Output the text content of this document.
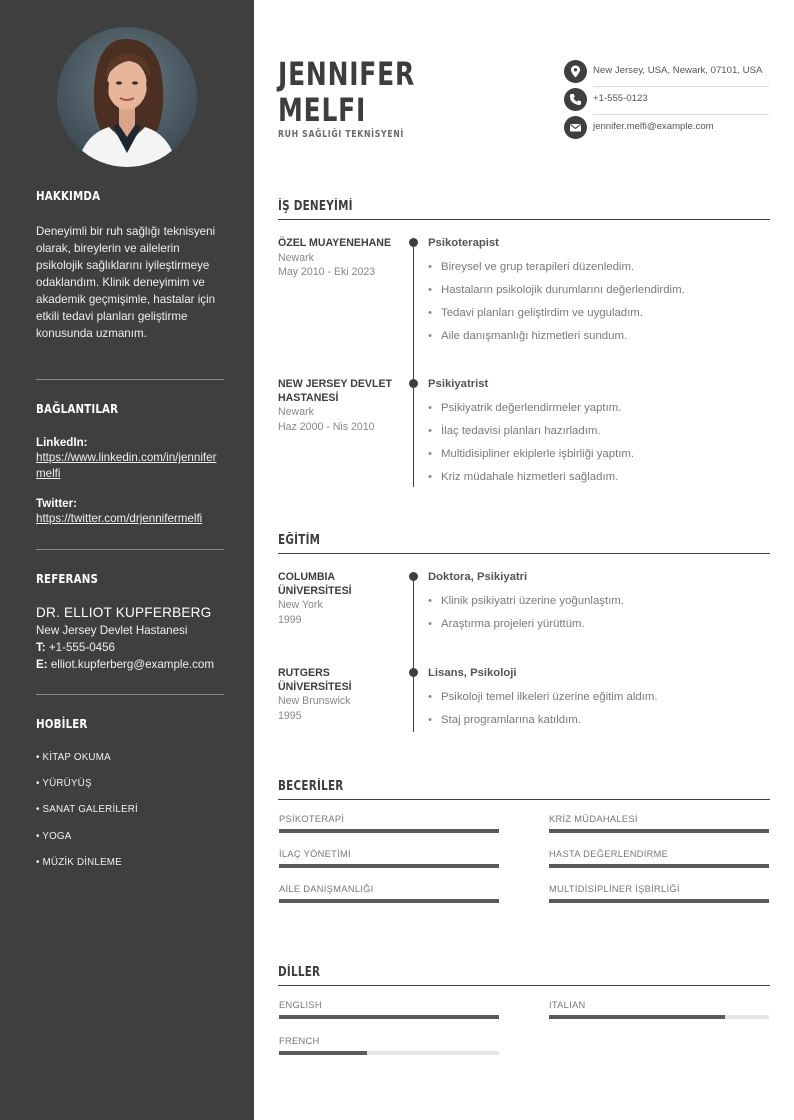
HAKKIMDA
Deneyimli bir ruh sağlığı teknisyeni olarak, bireylerin ve ailelerin psikolojik sağlıklarını iyileştirmeye odaklandım. Klinik deneyimim ve akademik geçmişimle, hastalar için etkili tedavi planları geliştirme konusunda uzmanım.
BAĞLANTILAR
LinkedIn:
https://www.linkedin.com/in/jennifermelfi
Twitter:
https://twitter.com/drjennifermelfi
REFERANS
DR. ELLIOT KUPFERBERG
New Jersey Devlet Hastanesi
T: +1-555-0456
E: elliot.kupferberg@example.com
HOBİLER
• KİTAP OKUMA
• YÜRÜYÜŞ
• SANAT GALERİLERİ
• YOGA
• MÜZİK DİNLEME
JENNIFER
MELFI
RUH SAĞLIĞI TEKNİSYENİ
New Jersey, USA, Newark, 07101, USA
+1-555-0123
jennifer.melfi@example.com
İŞ DENEYİMİ
ÖZEL MUAYENEHANE
Newark
May 2010 - Eki 2023
Psikoterapist
• Bireysel ve grup terapileri düzenledim.
• Hastaların psikolojik durumlarını değerlendirdim.
• Tedavi planları geliştirdim ve uyguladım.
• Aile danışmanlığı hizmetleri sundum.
NEW JERSEY DEVLET HASTANESİ
Newark
Haz 2000 - Nis 2010
Psikiyatrist
• Psikiyatrik değerlendirmeler yaptım.
• İlaç tedavisi planları hazırladım.
• Multidisipliner ekiplerle işbirliği yaptım.
• Kriz müdahale hizmetleri sağladım.
EĞİTİM
COLUMBIA ÜNİVERSİTESİ
New York
1999
Doktora, Psikiyatri
• Klinik psikiyatri üzerine yoğunlaştım.
• Araştırma projeleri yürüttüm.
RUTGERS ÜNİVERSİTESİ
New Brunswick
1995
Lisans, Psikoloji
• Psikoloji temel ilkeleri üzerine eğitim aldım.
• Staj programlarına katıldım.
BECERİLER
PSİKOTERAPİ	KRİZ MÜDAHALESİ
İLAÇ YÖNETİMİ	HASTA DEĞERLENDİRME
AİLE DANIŞMANLIĞI	MULTİDİSİPLİNER İŞBİRLİĞİ
DİLLER
ENGLISH	ITALIAN
FRENCH
